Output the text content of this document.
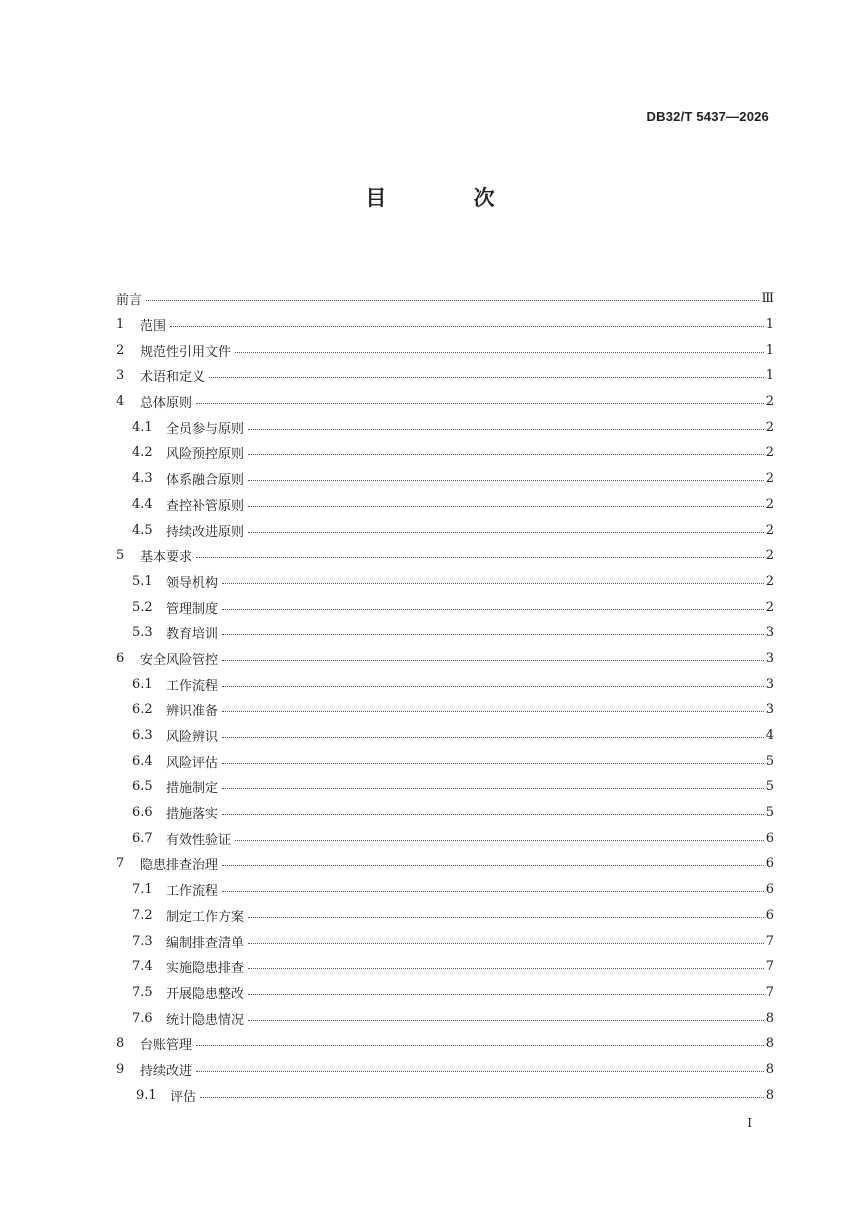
DB32/T 5437—2026
目 次
前言	Ⅲ
1	范围	1
2	规范性引用文件	1
3	术语和定义	1
4	总体原则	2
4.1	全员参与原则	2
4.2	风险预控原则	2
4.3	体系融合原则	2
4.4	查控补管原则	2
4.5	持续改进原则	2
5	基本要求	2
5.1	领导机构	2
5.2	管理制度	2
5.3	教育培训	3
6	安全风险管控	3
6.1	工作流程	3
6.2	辨识准备	3
6.3	风险辨识	4
6.4	风险评估	5
6.5	措施制定	5
6.6	措施落实	5
6.7	有效性验证	6
7	隐患排查治理	6
7.1	工作流程	6
7.2	制定工作方案	6
7.3	编制排查清单	7
7.4	实施隐患排查	7
7.5	开展隐患整改	7
7.6	统计隐患情况	8
8	台账管理	8
9	持续改进	8
9.1	评估	8
I
